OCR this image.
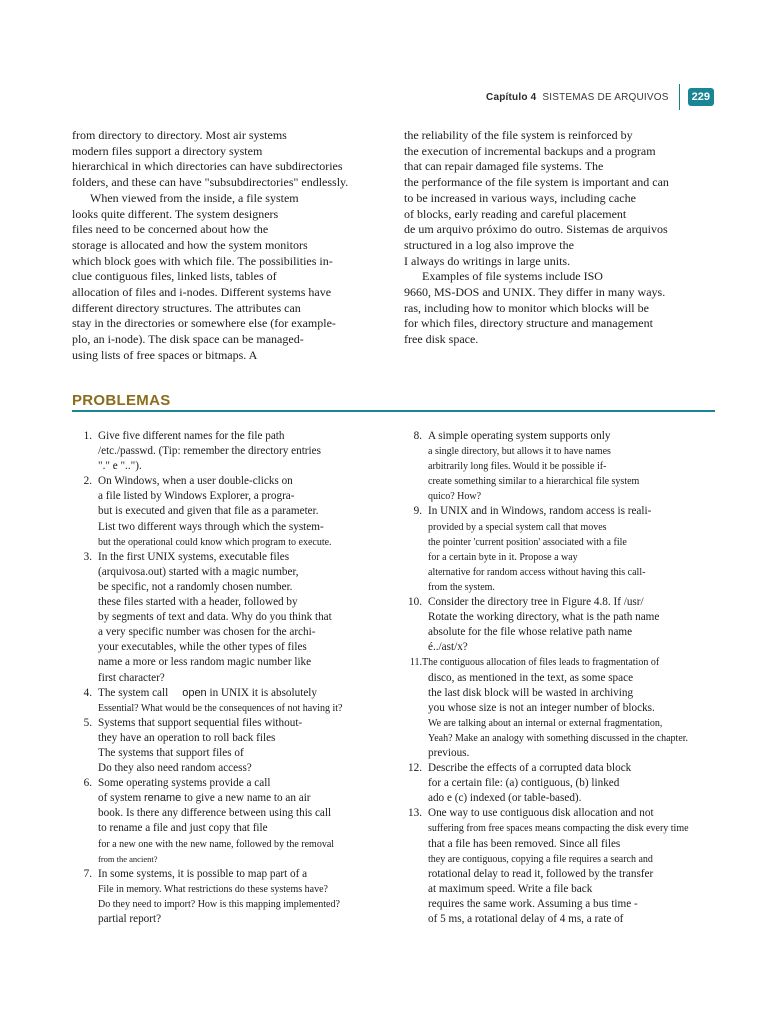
Capítulo 4 SISTEMAS DE ARQUIVOS	229
from directory to directory. Most air systems
modern files support a directory system
hierarchical in which directories can have subdirectories
folders, and these can have "subsubdirectories" endlessly.
When viewed from the inside, a file system
looks quite different. The system designers
files need to be concerned about how the
storage is allocated and how the system monitors
which block goes with which file. The possibilities in-
clue contiguous files, linked lists, tables of
allocation of files and i-nodes. Different systems have
different directory structures. The attributes can
stay in the directories or somewhere else (for example-
plo, an i-node). The disk space can be managed-
using lists of free spaces or bitmaps. A
the reliability of the file system is reinforced by
the execution of incremental backups and a program
that can repair damaged file systems. The
the performance of the file system is important and can
to be increased in various ways, including cache
of blocks, early reading and careful placement
de um arquivo próximo do outro. Sistemas de arquivos
structured in a log also improve the
I always do writings in large units.
Examples of file systems include ISO
9660, MS-DOS and UNIX. They differ in many ways.
ras, including how to monitor which blocks will be
for which files, directory structure and management
free disk space.
PROBLEMAS
1. Give five different names for the file path
/etc./passwd. (Tip: remember the directory entries
"." e "..").
2. On Windows, when a user double-clicks on
a file listed by Windows Explorer, a progra-
but is executed and given that file as a parameter.
List two different ways through which the system-
but the operational could know which program to execute.
3. In the first UNIX systems, executable files
(arquivosa.out) started with a magic number,
be specific, not a randomly chosen number.
these files started with a header, followed by
by segments of text and data. Why do you think that
a very specific number was chosen for the archi-
your executables, while the other types of files
name a more or less random magic number like
first character?
4. The system call open in UNIX it is absolutely
Essential? What would be the consequences of not having it?
5. Systems that support sequential files without-
they have an operation to roll back files
The systems that support files of
Do they also need random access?
6. Some operating systems provide a call
of system rename to give a new name to an air
book. Is there any difference between using this call
to rename a file and just copy that file
for a new one with the new name, followed by the removal
from the ancient?
7. In some systems, it is possible to map part of a
File in memory. What restrictions do these systems have?
Do they need to import? How is this mapping implemented?
partial report?
8. A simple operating system supports only
a single directory, but allows it to have names
arbitrarily long files. Would it be possible if-
create something similar to a hierarchical file system
quico? How?
9. In UNIX and in Windows, random access is reali-
provided by a special system call that moves
the pointer 'current position' associated with a file
for a certain byte in it. Propose a way
alternative for random access without having this call-
from the system.
10. Consider the directory tree in Figure 4.8. If /usr/
Rotate the working directory, what is the path name
absolute for the file whose relative path name
é../ast/x?
11. The contiguous allocation of files leads to fragmentation of
disco, as mentioned in the text, as some space
the last disk block will be wasted in archiving
you whose size is not an integer number of blocks.
We are talking about an internal or external fragmentation,
Yeah? Make an analogy with something discussed in the chapter.
previous.
12. Describe the effects of a corrupted data block
for a certain file: (a) contiguous, (b) linked
ado e (c) indexed (or table-based).
13. One way to use contiguous disk allocation and not
suffering from free spaces means compacting the disk every time
that a file has been removed. Since all files
they are contiguous, copying a file requires a search and
rotational delay to read it, followed by the transfer
at maximum speed. Write a file back
requires the same work. Assuming a bus time -
of 5 ms, a rotational delay of 4 ms, a rate of
